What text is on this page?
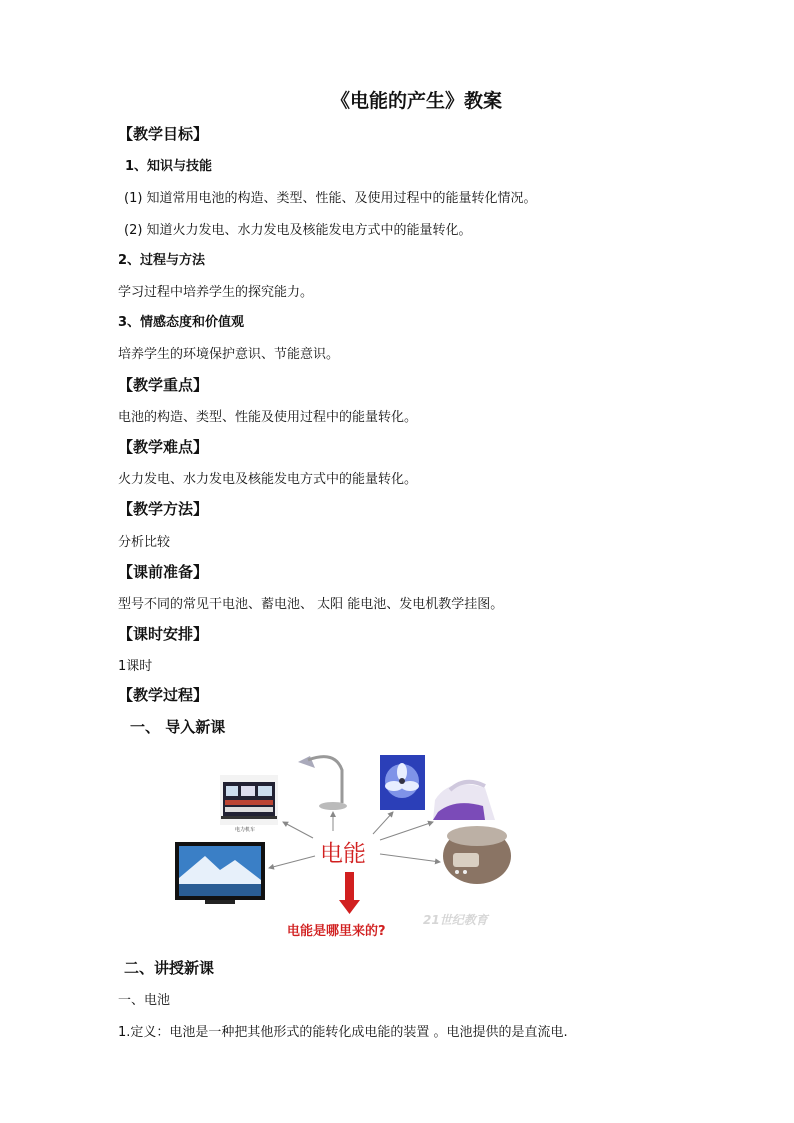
《电能的产生》教案
【教学目标】
1、知识与技能
(1) 知道常用电池的构造、类型、性能、及使用过程中的能量转化情况。
(2) 知道火力发电、水力发电及核能发电方式中的能量转化。
2、过程与方法
学习过程中培养学生的探究能力。
3、情感态度和价值观
培养学生的环境保护意识、节能意识。
【教学重点】
电池的构造、类型、性能及使用过程中的能量转化。
【教学难点】
火力发电、水力发电及核能发电方式中的能量转化。
【教学方法】
分析比较
【课前准备】
型号不同的常见干电池、蓄电池、 太阳 能电池、发电机教学挂图。
【课时安排】
1课时
【教学过程】
一、 导入新课
电力机车
电能
21世纪教育
电能是哪里来的?
二、讲授新课
一、电池
1.定义：电池是一种把其他形式的能转化成电能的装置 。电池提供的是直流电.
